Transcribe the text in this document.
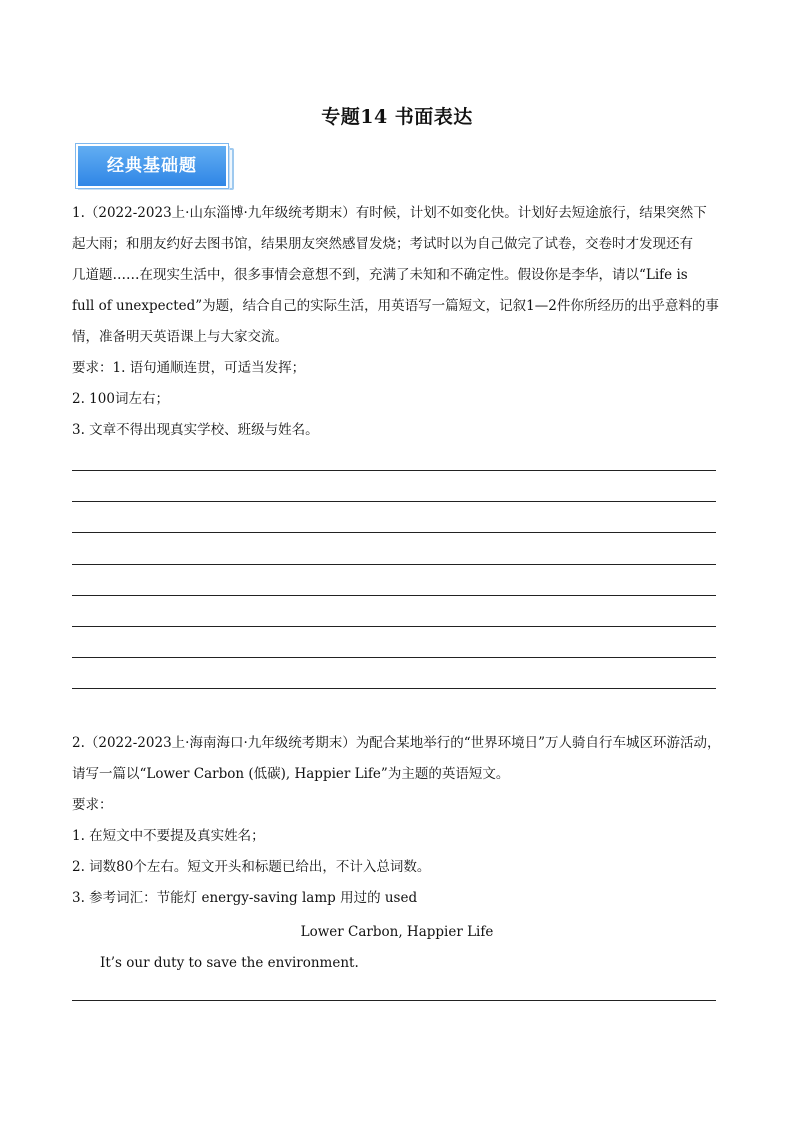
专题14 书面表达
经典基础题
1.（2022-2023上·山东淄博·九年级统考期末）有时候，计划不如变化快。计划好去短途旅行，结果突然下
起大雨；和朋友约好去图书馆，结果朋友突然感冒发烧；考试时以为自己做完了试卷，交卷时才发现还有
几道题……在现实生活中，很多事情会意想不到，充满了未知和不确定性。假设你是李华，请以“Life is
full of unexpected”为题，结合自己的实际生活，用英语写一篇短文，记叙1—2件你所经历的出乎意料的事
情，准备明天英语课上与大家交流。
要求：1. 语句通顺连贯，可适当发挥；
2. 100词左右；
3. 文章不得出现真实学校、班级与姓名。
2.（2022-2023上·海南海口·九年级统考期末）为配合某地举行的“世界环境日”万人骑自行车城区环游活动，
请写一篇以“Lower Carbon (低碳), Happier Life”为主题的英语短文。
要求：
1. 在短文中不要提及真实姓名；
2. 词数80个左右。短文开头和标题已给出，不计入总词数。
3. 参考词汇：节能灯 energy-saving lamp 用过的 used
Lower Carbon, Happier Life
It’s our duty to save the environment.
